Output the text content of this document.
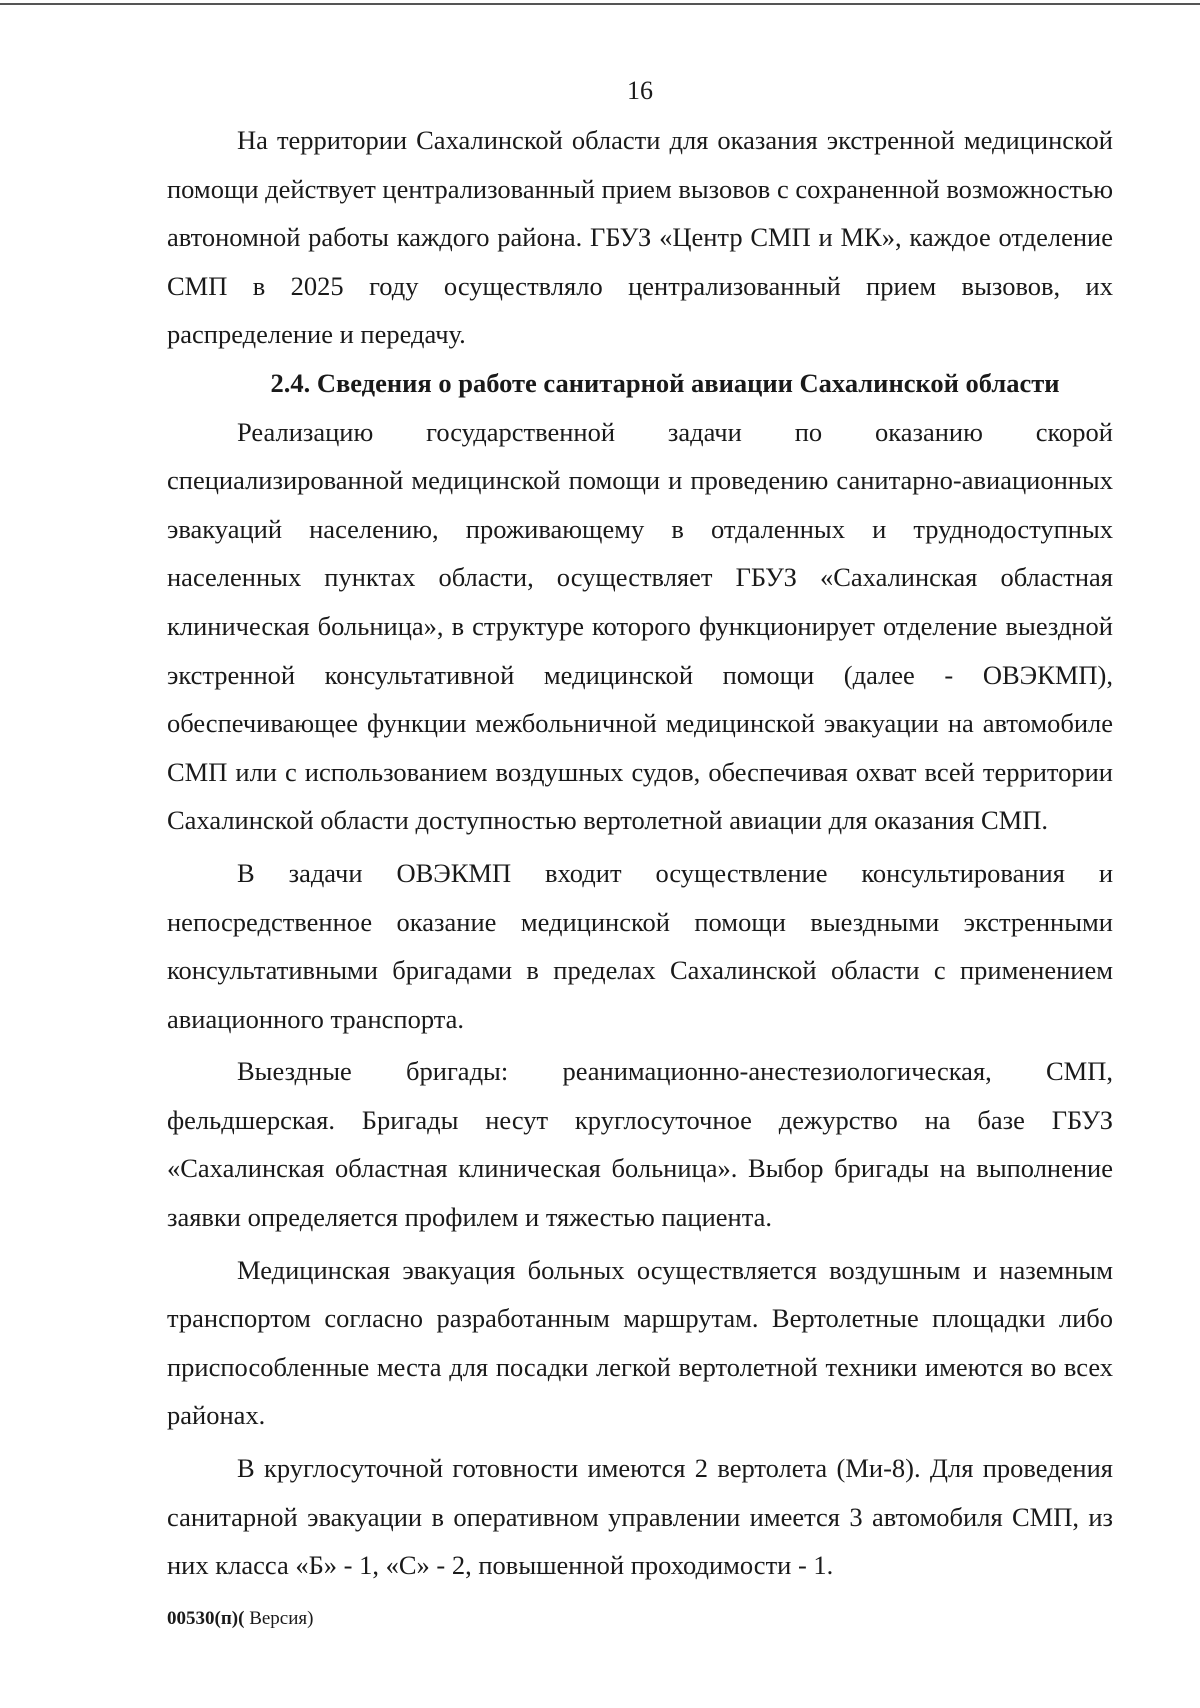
16

На территории Сахалинской области для оказания экстренной медицинской помощи действует централизованный прием вызовов с сохраненной возможностью автономной работы каждого района. ГБУЗ «Центр СМП и МК», каждое отделение СМП в 2025 году осуществляло централизованный прием вызовов, их распределение и передачу.

2.4. Сведения о работе санитарной авиации Сахалинской области

Реализацию государственной задачи по оказанию скорой специализированной медицинской помощи и проведению санитарно-авиационных эвакуаций населению, проживающему в отдаленных и труднодоступных населенных пунктах области, осуществляет ГБУЗ «Сахалинская областная клиническая больница», в структуре которого функционирует отделение выездной экстренной консультативной медицинской помощи (далее - ОВЭКМП), обеспечивающее функции межбольничной медицинской эвакуации на автомобиле СМП или с использованием воздушных судов, обеспечивая охват всей территории Сахалинской области доступностью вертолетной авиации для оказания СМП.

В задачи ОВЭКМП входит осуществление консультирования и непосредственное оказание медицинской помощи выездными экстренными консультативными бригадами в пределах Сахалинской области с применением авиационного транспорта.

Выездные бригады: реанимационно-анестезиологическая, СМП, фельдшерская. Бригады несут круглосуточное дежурство на базе ГБУЗ «Сахалинская областная клиническая больница». Выбор бригады на выполнение заявки определяется профилем и тяжестью пациента.

Медицинская эвакуация больных осуществляется воздушным и наземным транспортом согласно разработанным маршрутам. Вертолетные площадки либо приспособленные места для посадки легкой вертолетной техники имеются во всех районах.

В круглосуточной готовности имеются 2 вертолета (Ми-8). Для проведения санитарной эвакуации в оперативном управлении имеется 3 автомобиля СМП, из них класса «Б» - 1, «С» - 2, повышенной проходимости - 1.

00530(п)( Версия)
